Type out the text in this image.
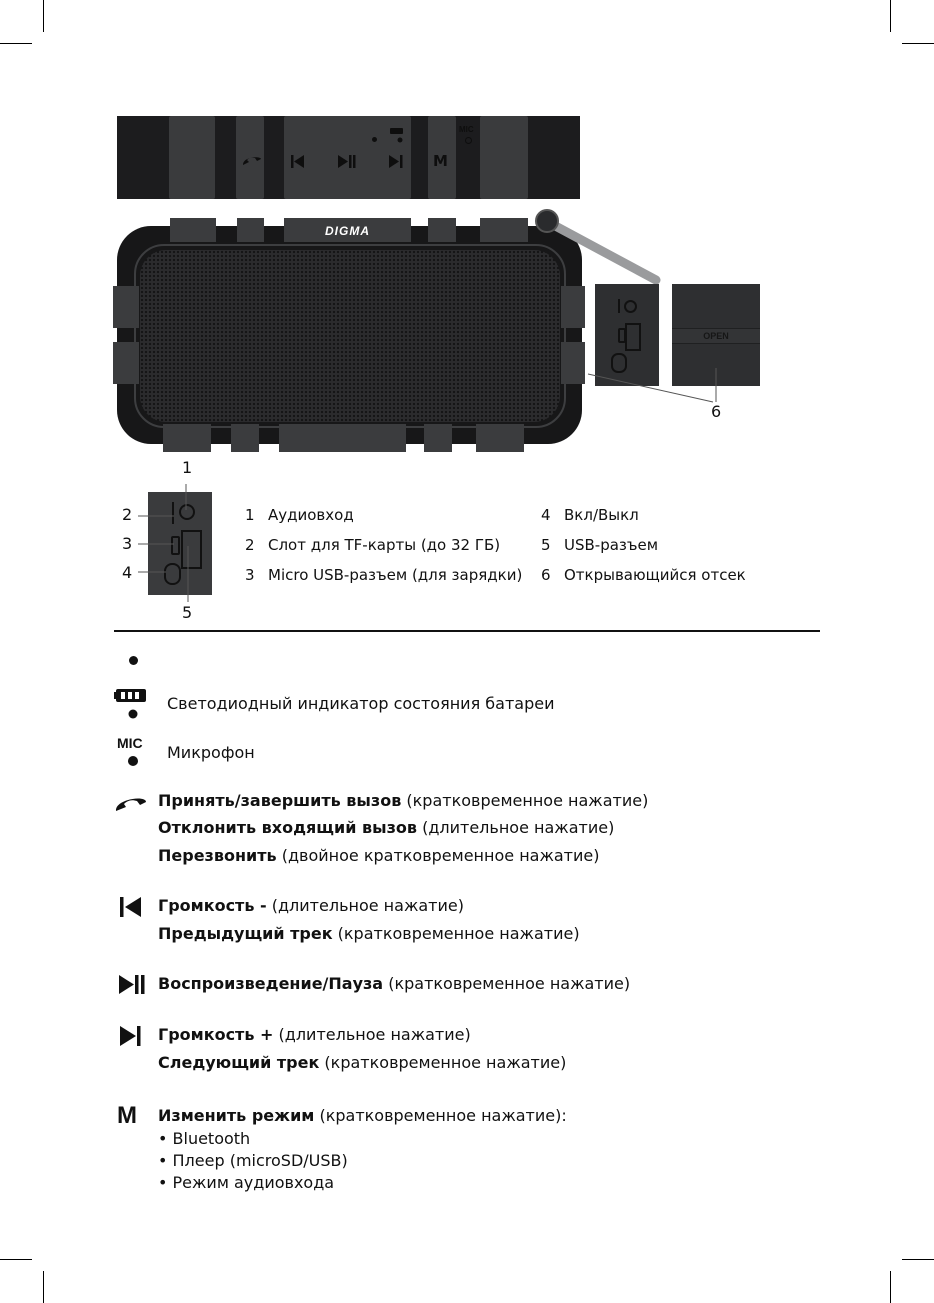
M
MIC
DIGMA
OPEN
6
1
2
3
4
5
1 Аудиовход
2 Слот для TF-карты (до 32 ГБ)
3 Micro USB-разъем (для зарядки)
4 Вкл/Выкл
5 USB-разъем
6 Открывающийся отсек
Светодиодный индикатор состояния батареи
MIC Микрофон
Принять/завершить вызов (кратковременное нажатие)
Отклонить входящий вызов (длительное нажатие)
Перезвонить (двойное кратковременное нажатие)
Громкость - (длительное нажатие)
Предыдущий трек (кратковременное нажатие)
Воспроизведение/Пауза (кратковременное нажатие)
Громкость + (длительное нажатие)
Следующий трек (кратковременное нажатие)
M Изменить режим (кратковременное нажатие):
• Bluetooth
• Плеер (microSD/USB)
• Режим аудиовхода
